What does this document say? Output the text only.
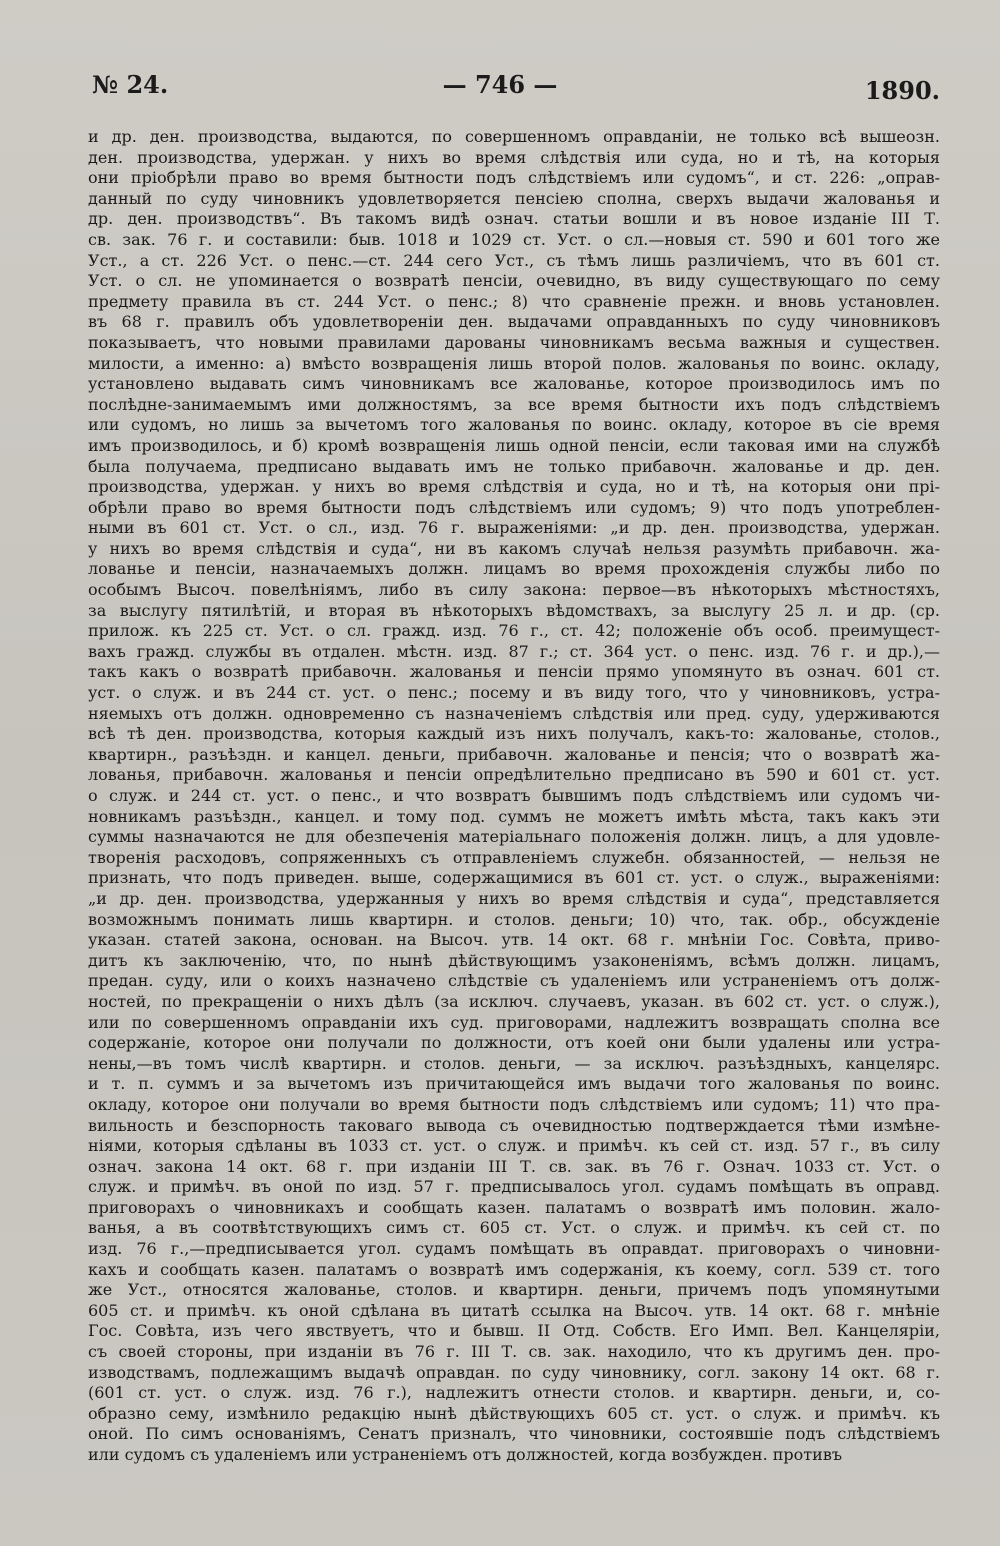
№ 24.	— 746 —	1890.
и др. ден. производства, выдаются, по совершенномъ оправданіи, не только всѣ вышеозн.
ден. производства, удержан. у нихъ во время слѣдствія или суда, но и тѣ, на которыя
они пріобрѣли право во время бытности подъ слѣдствіемъ или судомъ“, и ст. 226: „оправ-
данный по суду чиновникъ удовлетворяется пенсіею сполна, сверхъ выдачи жалованья и
др. ден. производствъ“. Въ такомъ видѣ означ. статьи вошли и въ новое изданіе III Т.
св. зак. 76 г. и составили: быв. 1018 и 1029 ст. Уст. о сл.—новыя ст. 590 и 601 того же
Уст., а ст. 226 Уст. о пенс.—ст. 244 сего Уст., съ тѣмъ лишь различіемъ, что въ 601 ст.
Уст. о сл. не упоминается о возвратѣ пенсіи, очевидно, въ виду существующаго по сему
предмету правила въ ст. 244 Уст. о пенс.; 8) что сравненіе прежн. и вновь установлен.
въ 68 г. правилъ объ удовлетвореніи ден. выдачами оправданныхъ по суду чиновниковъ
показываетъ, что новыми правилами дарованы чиновникамъ весьма важныя и существен.
милости, а именно: а) вмѣсто возвращенія лишь второй полов. жалованья по воинс. окладу,
установлено выдавать симъ чиновникамъ все жалованье, которое производилось имъ по
послѣдне-занимаемымъ ими должностямъ, за все время бытности ихъ подъ слѣдствіемъ
или судомъ, но лишь за вычетомъ того жалованья по воинс. окладу, которое въ сіе время
имъ производилось, и б) кромѣ возвращенія лишь одной пенсіи, если таковая ими на службѣ
была получаема, предписано выдавать имъ не только прибавочн. жалованье и др. ден.
производства, удержан. у нихъ во время слѣдствія и суда, но и тѣ, на которыя они прі-
обрѣли право во время бытности подъ слѣдствіемъ или судомъ; 9) что подъ употреблен-
ными въ 601 ст. Уст. о сл., изд. 76 г. выраженіями: „и др. ден. производства, удержан.
у нихъ во время слѣдствія и суда“, ни въ какомъ случаѣ нельзя разумѣть прибавочн. жа-
лованье и пенсіи, назначаемыхъ должн. лицамъ во время прохожденія службы либо по
особымъ Высоч. повелѣніямъ, либо въ силу закона: первое—въ нѣкоторыхъ мѣстностяхъ,
за выслугу пятилѣтій, и вторая въ нѣкоторыхъ вѣдомствахъ, за выслугу 25 л. и др. (ср.
прилож. къ 225 ст. Уст. о сл. гражд. изд. 76 г., ст. 42; положеніе объ особ. преимущест-
вахъ гражд. службы въ отдален. мѣстн. изд. 87 г.; ст. 364 уст. о пенс. изд. 76 г. и др.),—
такъ какъ о возвратѣ прибавочн. жалованья и пенсіи прямо упомянуто въ означ. 601 ст.
уст. о служ. и въ 244 ст. уст. о пенс.; посему и въ виду того, что у чиновниковъ, устра-
няемыхъ отъ должн. одновременно съ назначеніемъ слѣдствія или пред. суду, удерживаются
всѣ тѣ ден. производства, которыя каждый изъ нихъ получалъ, какъ-то: жалованье, столов.,
квартирн., разъѣздн. и канцел. деньги, прибавочн. жалованье и пенсія; что о возвратѣ жа-
лованья, прибавочн. жалованья и пенсіи опредѣлительно предписано въ 590 и 601 ст. уст.
о служ. и 244 ст. уст. о пенс., и что возвратъ бывшимъ подъ слѣдствіемъ или судомъ чи-
новникамъ разъѣздн., канцел. и тому под. суммъ не можетъ имѣть мѣста, такъ какъ эти
суммы назначаются не для обезпеченія матеріальнаго положенія должн. лицъ, а для удовле-
творенія расходовъ, сопряженныхъ съ отправленіемъ служебн. обязанностей, — нельзя не
признать, что подъ приведен. выше, содержащимися въ 601 ст. уст. о служ., выраженіями:
„и др. ден. производства, удержанныя у нихъ во время слѣдствія и суда“, представляется
возможнымъ понимать лишь квартирн. и столов. деньги; 10) что, так. обр., обсужденіе
указан. статей закона, основан. на Высоч. утв. 14 окт. 68 г. мнѣніи Гос. Совѣта, приво-
дитъ къ заключенію, что, по нынѣ дѣйствующимъ узаконеніямъ, всѣмъ должн. лицамъ,
предан. суду, или о коихъ назначено слѣдствіе съ удаленіемъ или устраненіемъ отъ долж-
ностей, по прекращеніи о нихъ дѣлъ (за исключ. случаевъ, указан. въ 602 ст. уст. о служ.),
или по совершенномъ оправданіи ихъ суд. приговорами, надлежитъ возвращать сполна все
содержаніе, которое они получали по должности, отъ коей они были удалены или устра-
нены,—въ томъ числѣ квартирн. и столов. деньги, — за исключ. разъѣздныхъ, канцелярс.
и т. п. суммъ и за вычетомъ изъ причитающейся имъ выдачи того жалованья по воинс.
окладу, которое они получали во время бытности подъ слѣдствіемъ или судомъ; 11) что пра-
вильность и безспорность таковаго вывода съ очевидностью подтверждается тѣми измѣне-
ніями, которыя сдѣланы въ 1033 ст. уст. о служ. и примѣч. къ сей ст. изд. 57 г., въ силу
означ. закона 14 окт. 68 г. при изданіи III Т. св. зак. въ 76 г. Означ. 1033 ст. Уст. о
служ. и примѣч. въ оной по изд. 57 г. предписывалось угол. судамъ помѣщать въ оправд.
приговорахъ о чиновникахъ и сообщать казен. палатамъ о возвратѣ имъ половин. жало-
ванья, а въ соотвѣтствующихъ симъ ст. 605 ст. Уст. о служ. и примѣч. къ сей ст. по
изд. 76 г.,—предписывается угол. судамъ помѣщать въ оправдат. приговорахъ о чиновни-
кахъ и сообщать казен. палатамъ о возвратѣ имъ содержанія, къ коему, согл. 539 ст. того
же Уст., относятся жалованье, столов. и квартирн. деньги, причемъ подъ упомянутыми
605 ст. и примѣч. къ оной сдѣлана въ цитатѣ ссылка на Высоч. утв. 14 окт. 68 г. мнѣніе
Гос. Совѣта, изъ чего явствуетъ, что и бывш. II Отд. Собств. Его Имп. Вел. Канцеляріи,
съ своей стороны, при изданіи въ 76 г. III Т. св. зак. находило, что къ другимъ ден. про-
изводствамъ, подлежащимъ выдачѣ оправдан. по суду чиновнику, согл. закону 14 окт. 68 г.
(601 ст. уст. о служ. изд. 76 г.), надлежитъ отнести столов. и квартирн. деньги, и, со-
образно сему, измѣнило редакцію нынѣ дѣйствующихъ 605 ст. уст. о служ. и примѣч. къ
оной. По симъ основаніямъ, Сенатъ призналъ, что чиновники, состоявшіе подъ слѣдствіемъ
или судомъ съ удаленіемъ или устраненіемъ отъ должностей, когда возбужден. противъ
